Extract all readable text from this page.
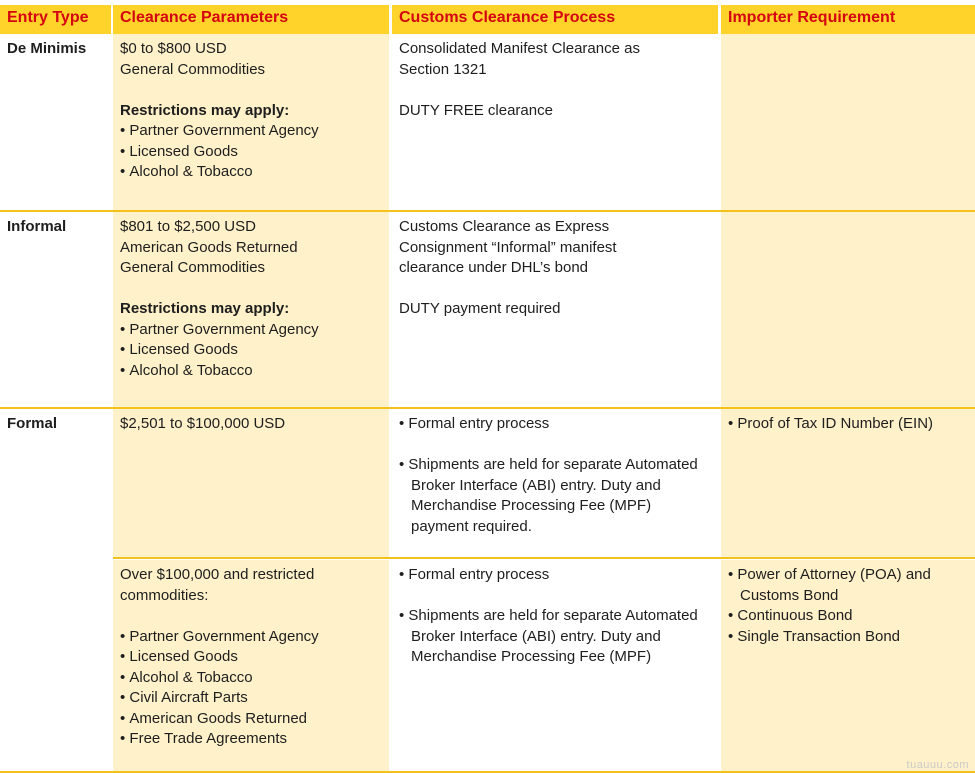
Entry Type Clearance Parameters	Customs Clearance Process	Importer Requirement
De Minimis	$0 to $800 USD
General Commodities
Restrictions may apply:
• Partner Government Agency
• Licensed Goods
• Alcohol & Tobacco
Consolidated Manifest Clearance as
Section 1321
DUTY FREE clearance
Informal	$801 to $2,500 USD
American Goods Returned
General Commodities
Restrictions may apply:
• Partner Government Agency
• Licensed Goods
• Alcohol & Tobacco
Customs Clearance as Express
Consignment “Informal” manifest
clearance under DHL’s bond
DUTY payment required
Formal	$2,501 to $100,000 USD
•	Formal entry process
• Shipments are held for separate Automated Broker Interface (ABI) entry. Duty and Merchandise Processing Fee (MPF) payment required.
• Proof of Tax ID Number (EIN)
Over $100,000 and restricted
commodities:
• Partner Government Agency
• Licensed Goods
• Alcohol & Tobacco
• Civil Aircraft Parts
• American Goods Returned
• Free Trade Agreements
• Formal entry process
• Shipments are held for separate Automated Broker Interface (ABI) entry. Duty and Merchandise Processing Fee (MPF)
• Power of Attorney (POA) and Customs Bond
• Continuous Bond
• Single Transaction Bond
tuauuu.com
